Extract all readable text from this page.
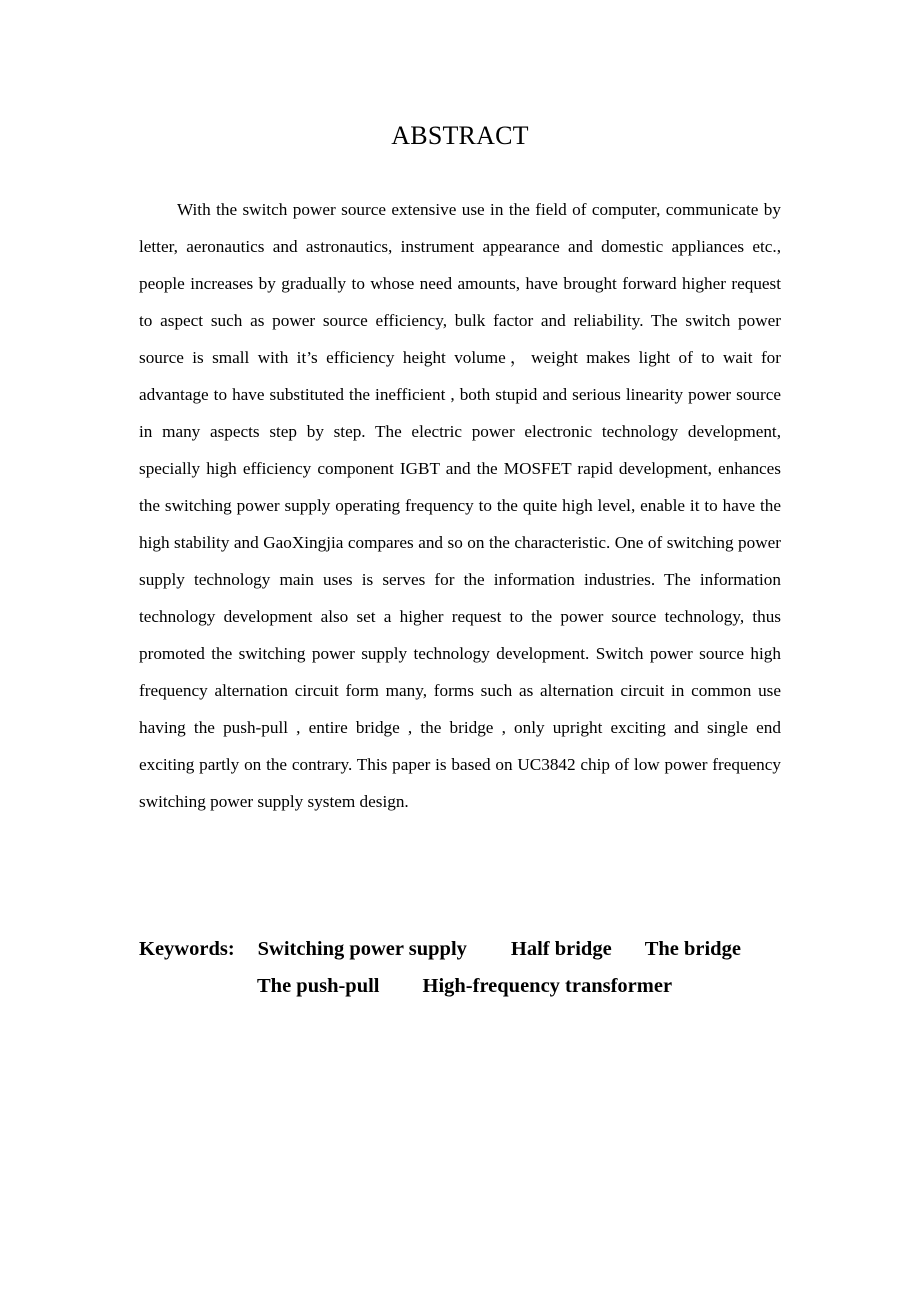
ABSTRACT

With the switch power source extensive use in the field of computer, communicate by letter, aeronautics and astronautics, instrument appearance and domestic appliances etc., people increases by gradually to whose need amounts, have brought forward higher request to aspect such as power source efficiency, bulk factor and reliability. The switch power source is small with it’s efficiency height volume，weight makes light of to wait for advantage to have substituted the inefficient , both stupid and serious linearity power source in many aspects step by step. The electric power electronic technology development, specially high efficiency component IGBT and the MOSFET rapid development, enhances the switching power supply operating frequency to the quite high level, enable it to have the high stability and GaoXingjia compares and so on the characteristic. One of switching power supply technology main uses is serves for the information industries. The information technology development also set a higher request to the power source technology, thus promoted the switching power supply technology development. Switch power source high frequency alternation circuit form many, forms such as alternation circuit in common use having the push-pull , entire bridge , the bridge , only upright exciting and single end exciting partly on the contrary. This paper is based on UC3842 chip of low power frequency switching power supply system design.

Keywords: Switching power supply Half bridge The bridge
The push-pull High-frequency transformer
